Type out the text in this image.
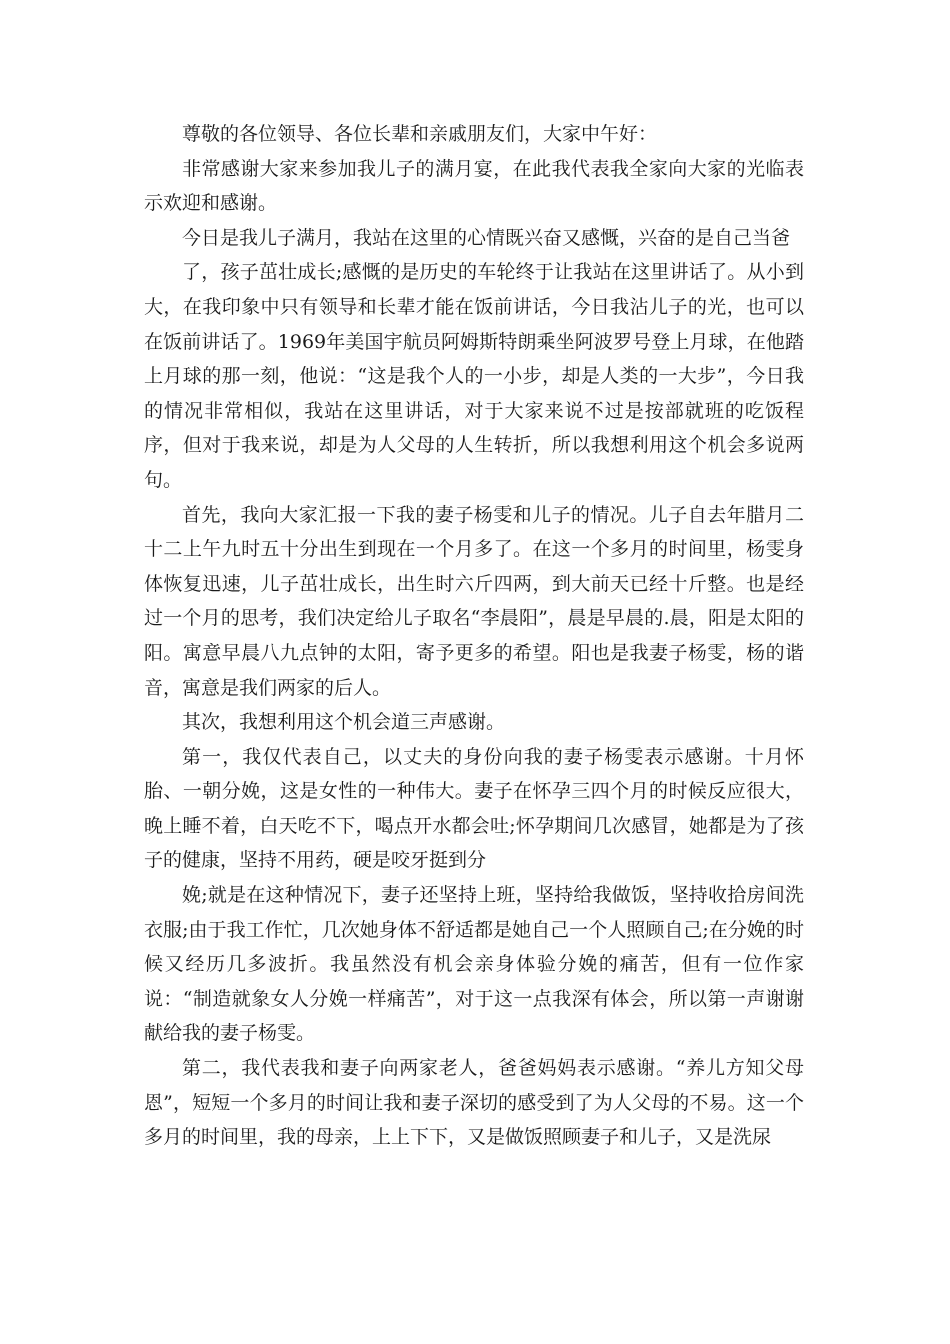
尊敬的各位领导、各位长辈和亲戚朋友们，大家中午好：

非常感谢大家来参加我儿子的满月宴，在此我代表我全家向大家的光临表示欢迎和感谢。

今日是我儿子满月，我站在这里的心情既兴奋又感慨，兴奋的是自己当爸

了，孩子茁壮成长;感慨的是历史的车轮终于让我站在这里讲话了。从小到大，在我印象中只有领导和长辈才能在饭前讲话，今日我沾儿子的光，也可以在饭前讲话了。1969年美国宇航员阿姆斯特朗乘坐阿波罗号登上月球，在他踏上月球的那一刻，他说：“这是我个人的一小步，却是人类的一大步”，今日我的情况非常相似，我站在这里讲话，对于大家来说不过是按部就班的吃饭程序，但对于我来说，却是为人父母的人生转折，所以我想利用这个机会多说两句。

首先，我向大家汇报一下我的妻子杨雯和儿子的情况。儿子自去年腊月二十二上午九时五十分出生到现在一个月多了。在这一个多月的时间里，杨雯身体恢复迅速，儿子茁壮成长，出生时六斤四两，到大前天已经十斤整。也是经过一个月的思考，我们决定给儿子取名“李晨阳”，晨是早晨的.晨，阳是太阳的阳。寓意早晨八九点钟的太阳，寄予更多的希望。阳也是我妻子杨雯，杨的谐音，寓意是我们两家的后人。

其次，我想利用这个机会道三声感谢。

第一，我仅代表自己，以丈夫的身份向我的妻子杨雯表示感谢。十月怀胎、一朝分娩，这是女性的一种伟大。妻子在怀孕三四个月的时候反应很大，晚上睡不着，白天吃不下，喝点开水都会吐;怀孕期间几次感冒，她都是为了孩子的健康，坚持不用药，硬是咬牙挺到分

娩;就是在这种情况下，妻子还坚持上班，坚持给我做饭，坚持收拾房间洗衣服;由于我工作忙，几次她身体不舒适都是她自己一个人照顾自己;在分娩的时候又经历几多波折。我虽然没有机会亲身体验分娩的痛苦，但有一位作家说：“制造就象女人分娩一样痛苦”，对于这一点我深有体会，所以第一声谢谢献给我的妻子杨雯。

第二，我代表我和妻子向两家老人，爸爸妈妈表示感谢。“养儿方知父母恩”，短短一个多月的时间让我和妻子深切的感受到了为人父母的不易。这一个多月的时间里，我的母亲，上上下下，又是做饭照顾妻子和儿子，又是洗尿
